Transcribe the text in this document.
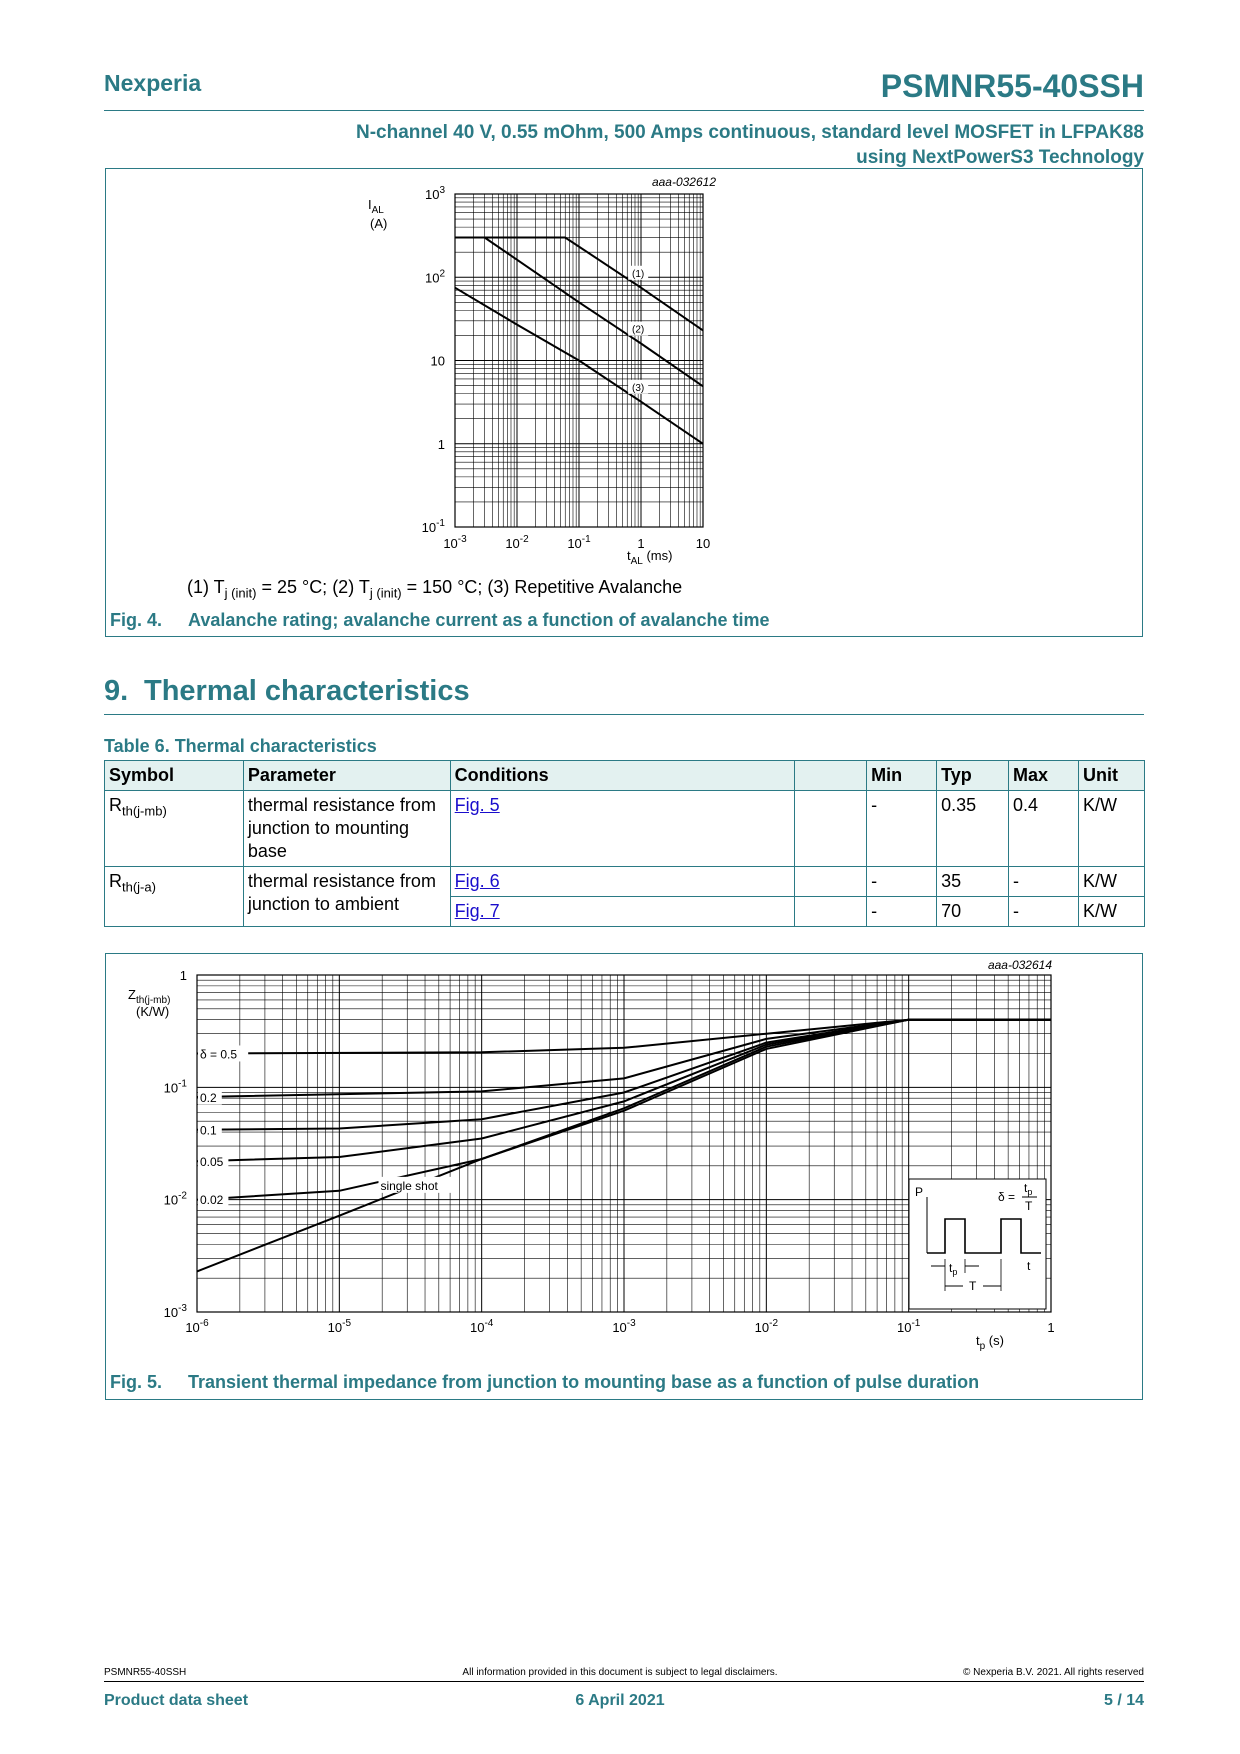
Nexperia	PSMNR55-40SSH
N-channel 40 V, 0.55 mOhm, 500 Amps continuous, standard level MOSFET in LFPAK88 using NextPowerS3 Technology
aaa-032612
$10^{-3}$	$10^{-2}$	$10^{-1}$	1	10
$10^{-1}$
1
10
$10^2$
$10^3$
$I_{AL}$
(A)
$t_{AL}$ (ms)
(1)
(2)
(3)
(1) $T_{j (init)} = 25$ °C; (2) $T_{j (init)} = 150$ °C; (3) Repetitive Avalanche
Fig. 4. Avalanche rating; avalanche current as a function of avalanche time
9. Thermal characteristics
Table 6. Thermal characteristics
Symbol	Parameter	Conditions		Min	Typ	Max	Unit
$R_{th(j-mb)}$	thermal resistance from junction to mounting base	Fig. 5		-	0.35	0.4	K/W
$R_{th(j-a)}$	thermal resistance from junction to ambient	Fig. 6		-	35	-	K/W
		Fig. 7		-	70	-	K/W
aaa-032614
$10^{-6}$	$10^{-5}$	$10^{-4}$	$10^{-3}$	$10^{-2}$	$10^{-1}$	1
$10^{-3}$
$10^{-2}$
$10^{-1}$
1
$Z_{th(j-mb)}$
(K/W)
$t_p$ (s)
δ = 0.5
0.2
0.1
0.05
0.02
single shot	P	δ =
$t_p$
T
t
$t_p$
T
Fig. 5. Transient thermal impedance from junction to mounting base as a function of pulse duration
PSMNR55-40SSH	All information provided in this document is subject to legal disclaimers.	© Nexperia B.V. 2021. All rights reserved
Product data sheet	6 April 2021	5 / 14
